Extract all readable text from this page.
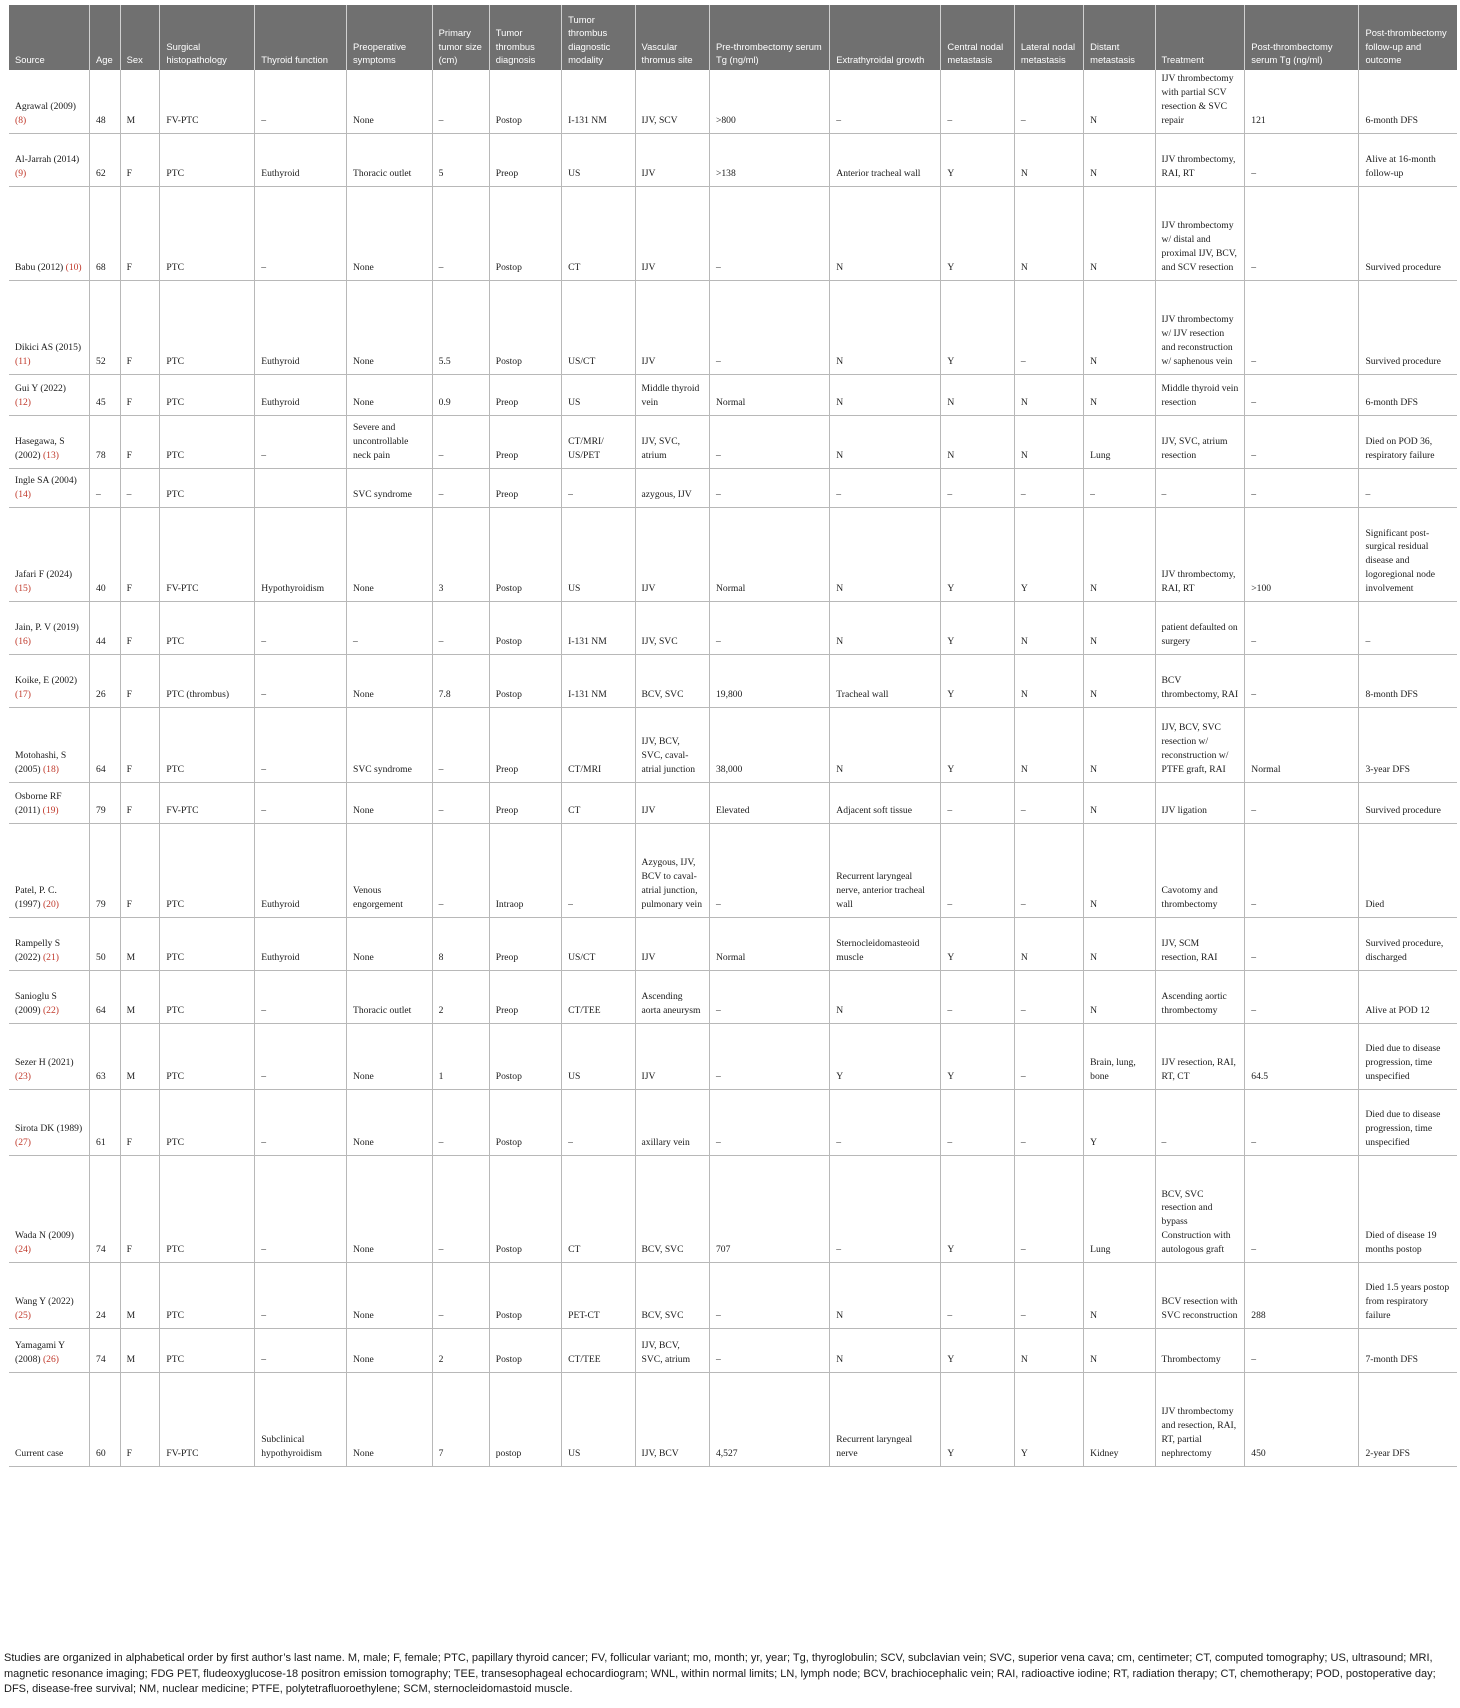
Source	Age	Sex	Surgical histopathology	Thyroid function	Preoperative symptoms	Primary tumor size (cm)	Tumor thrombus diagnosis	Tumor thrombus diagnostic modality	Vascular thromus site	Pre-thrombectomy serum Tg (ng/ml)	Extrathyroidal growth	Central nodal metastasis	Lateral nodal metastasis	Distant metastasis	Treatment	Post-thrombectomy serum Tg (ng/ml)	Post-thrombectomy follow-up and outcome
Agrawal (2009) (8)	48	M	FV-PTC	–	None	–	Postop	I-131 NM	IJV, SCV	>800	–	–	–	N	IJV thrombectomy with partial SCV resection & SVC repair	121	6-month DFS
Al-Jarrah (2014) (9)	62	F	PTC	Euthyroid	Thoracic outlet	5	Preop	US	IJV	>138	Anterior tracheal wall	Y	N	N	IJV thrombectomy, RAI, RT	–	Alive at 16-month follow-up
Babu (2012) (10)	68	F	PTC	–	None	–	Postop	CT	IJV	–	N	Y	N	N	IJV thrombectomy w/ distal and proximal IJV, BCV, and SCV resection	–	Survived procedure
Dikici AS (2015) (11)	52	F	PTC	Euthyroid	None	5.5	Postop	US/CT	IJV	–	N	Y	–	N	IJV thrombectomy w/ IJV resection and reconstruction w/ saphenous vein	–	Survived procedure
Gui Y (2022) (12)	45	F	PTC	Euthyroid	None	0.9	Preop	US	Middle thyroid vein	Normal	N	N	N	N	Middle thyroid vein resection	–	6-month DFS
Hasegawa, S (2002) (13)	78	F	PTC	–	Severe and uncontrollable neck pain	–	Preop	CT/MRI/ US/PET	IJV, SVC, atrium	–	N	N	N	Lung	IJV, SVC, atrium resection	–	Died on POD 36, respiratory failure
Ingle SA (2004) (14)	–	–	PTC		SVC syndrome	–	Preop	–	azygous, IJV	–	–	–	–	–	–	–	–
Jafari F (2024) (15)	40	F	FV-PTC	Hypothyroidism	None	3	Postop	US	IJV	Normal	N	Y	Y	N	IJV thrombectomy, RAI, RT	>100	Significant post-surgical residual disease and logoregional node involvement
Jain, P. V (2019) (16)	44	F	PTC	–	–	–	Postop	I-131 NM	IJV, SVC	–	N	Y	N	N	patient defaulted on surgery	–	–
Koike, E (2002) (17)	26	F	PTC (thrombus)	–	None	7.8	Postop	I-131 NM	BCV, SVC	19,800	Tracheal wall	Y	N	N	BCV thrombectomy, RAI	–	8-month DFS
Motohashi, S (2005) (18)	64	F	PTC	–	SVC syndrome	–	Preop	CT/MRI	IJV, BCV, SVC, caval-atrial junction	38,000	N	Y	N	N	IJV, BCV, SVC resection w/ reconstruction w/ PTFE graft, RAI	Normal	3-year DFS
Osborne RF (2011) (19)	79	F	FV-PTC	–	None	–	Preop	CT	IJV	Elevated	Adjacent soft tissue	–	–	N	IJV ligation	–	Survived procedure
Patel, P. C. (1997) (20)	79	F	PTC	Euthyroid	Venous engorgement	–	Intraop	–	Azygous, IJV, BCV to caval-atrial junction, pulmonary vein	–	Recurrent laryngeal nerve, anterior tracheal wall	–	–	N	Cavotomy and thrombectomy	–	Died
Rampelly S (2022) (21)	50	M	PTC	Euthyroid	None	8	Preop	US/CT	IJV	Normal	Sternocleidomasteoid muscle	Y	N	N	IJV, SCM resection, RAI	–	Survived procedure, discharged
Sanioglu S (2009) (22)	64	M	PTC	–	Thoracic outlet	2	Preop	CT/TEE	Ascending aorta aneurysm	–	N	–	–	N	Ascending aortic thrombectomy	–	Alive at POD 12
Sezer H (2021) (23)	63	M	PTC	–	None	1	Postop	US	IJV	–	Y	Y	–	Brain, lung, bone	IJV resection, RAI, RT, CT	64.5	Died due to disease progression, time unspecified
Sirota DK (1989) (27)	61	F	PTC	–	None	–	Postop	–	axillary vein	–	–	–	–	Y	–	–	Died due to disease progression, time unspecified
Wada N (2009) (24)	74	F	PTC	–	None	–	Postop	CT	BCV, SVC	707	–	Y	–	Lung	BCV, SVC resection and bypass Construction with autologous graft	–	Died of disease 19 months postop
Wang Y (2022) (25)	24	M	PTC	–	None	–	Postop	PET-CT	BCV, SVC	–	N	–	–	N	BCV resection with SVC reconstruction	288	Died 1.5 years postop from respiratory failure
Yamagami Y (2008) (26)	74	M	PTC	–	None	2	Postop	CT/TEE	IJV, BCV, SVC, atrium	–	N	Y	N	N	Thrombectomy	–	7-month DFS
Current case	60	F	FV-PTC	Subclinical hypothyroidism	None	7	postop	US	IJV, BCV	4,527	Recurrent laryngeal nerve	Y	Y	Kidney	IJV thrombectomy and resection, RAI, RT, partial nephrectomy	450	2-year DFS
Studies are organized in alphabetical order by first author’s last name. M, male; F, female; PTC, papillary thyroid cancer; FV, follicular variant; mo, month; yr, year; Tg, thyroglobulin; SCV, subclavian vein; SVC, superior vena cava; cm, centimeter; CT, computed tomography; US, ultrasound; MRI, magnetic resonance imaging; FDG PET, fludeoxyglucose-18 positron emission tomography; TEE, transesophageal echocardiogram; WNL, within normal limits; LN, lymph node; BCV, brachiocephalic vein; RAI, radioactive iodine; RT, radiation therapy; CT, chemotherapy; POD, postoperative day; DFS, disease-free survival; NM, nuclear medicine; PTFE, polytetrafluoroethylene; SCM, sternocleidomastoid muscle.
